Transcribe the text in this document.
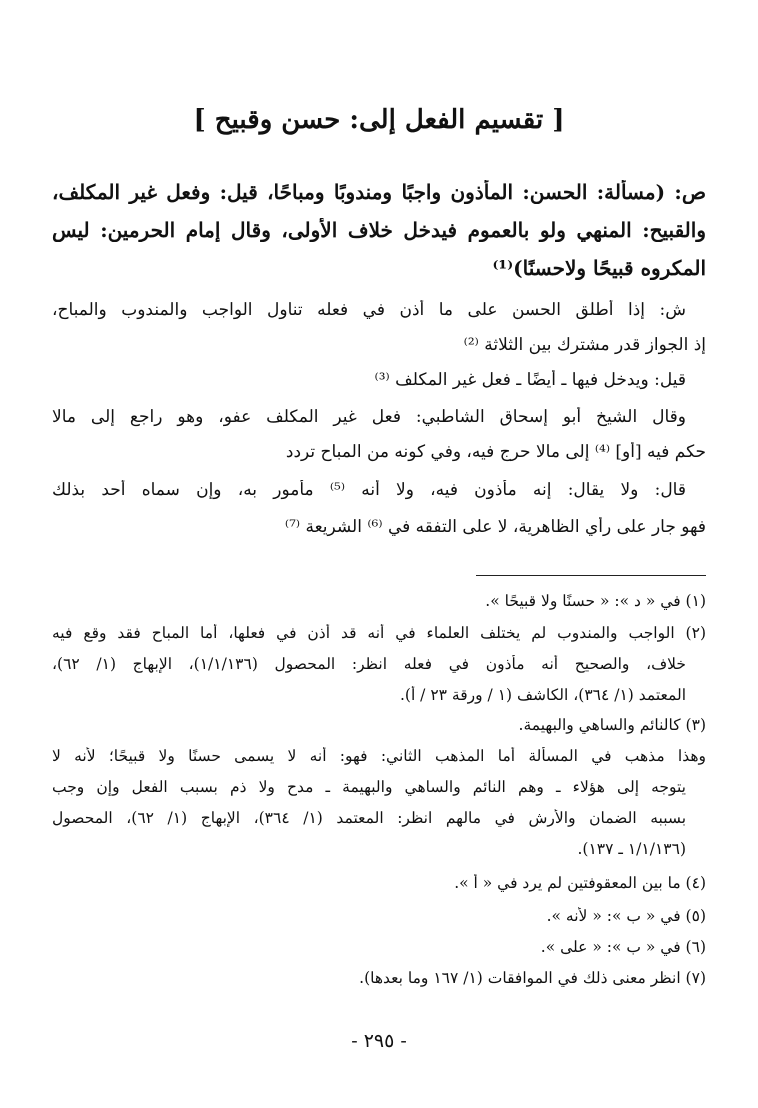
[ تقسيم الفعل إلى: حسن وقبيح ]
ص: (مسألة: الحسن: المأذون واجبًا ومندوبًا ومباحًا، قيل: وفعل غير المكلف،
والقبيح: المنهي ولو بالعموم فيدخل خلاف الأولى، وقال إمام الحرمين: ليس
المكروه قبيحًا ولاحسنًا)⁽¹⁾
ش: إذا أطلق الحسن على ما أذن في فعله تناول الواجب والمندوب والمباح،
إذ الجواز قدر مشترك بين الثلاثة ⁽²⁾
قيل: ويدخل فيها ـ أيضًا ـ فعل غير المكلف ⁽³⁾
وقال الشيخ أبو إسحاق الشاطبي: فعل غير المكلف عفو، وهو راجع إلى مالا
حكم فيه [أو] ⁽⁴⁾ إلى مالا حرج فيه، وفي كونه من المباح تردد
قال: ولا يقال: إنه مأذون فيه، ولا أنه ⁽⁵⁾ مأمور به، وإن سماه أحد بذلك
فهو جار على رأي الظاهرية، لا على التفقه في ⁽⁶⁾ الشريعة ⁽⁷⁾
(١) في « د »: « حسنًا ولا قبيحًا ».
(٢) الواجب والمندوب لم يختلف العلماء في أنه قد أذن في فعلها، أما المباح فقد وقع فيه
خلاف، والصحيح أنه مأذون في فعله انظر: المحصول (١/١/١٣٦)، الإبهاج (١/ ٦٢)،
المعتمد (١/ ٣٦٤)، الكاشف (١ / ورقة ٢٣ / أ).
(٣) كالنائم والساهي والبهيمة.
وهذا مذهب في المسألة أما المذهب الثاني: فهو: أنه لا يسمى حسنًا ولا قبيحًا؛ لأنه لا
يتوجه إلى هؤلاء ـ وهم النائم والساهي والبهيمة ـ مدح ولا ذم بسبب الفعل وإن وجب
بسببه الضمان والأرش في مالهم انظر: المعتمد (١/ ٣٦٤)، الإبهاج (١/ ٦٢)، المحصول
(١/١/١٣٦ ـ ١٣٧).
(٤) ما بين المعقوفتين لم يرد في « أ ».
(٥) في « ب »: « لأنه ».
(٦) في « ب »: « على ».
(٧) انظر معنى ذلك في الموافقات (١/ ١٦٧ وما بعدها).
- ٢٩٥ -
